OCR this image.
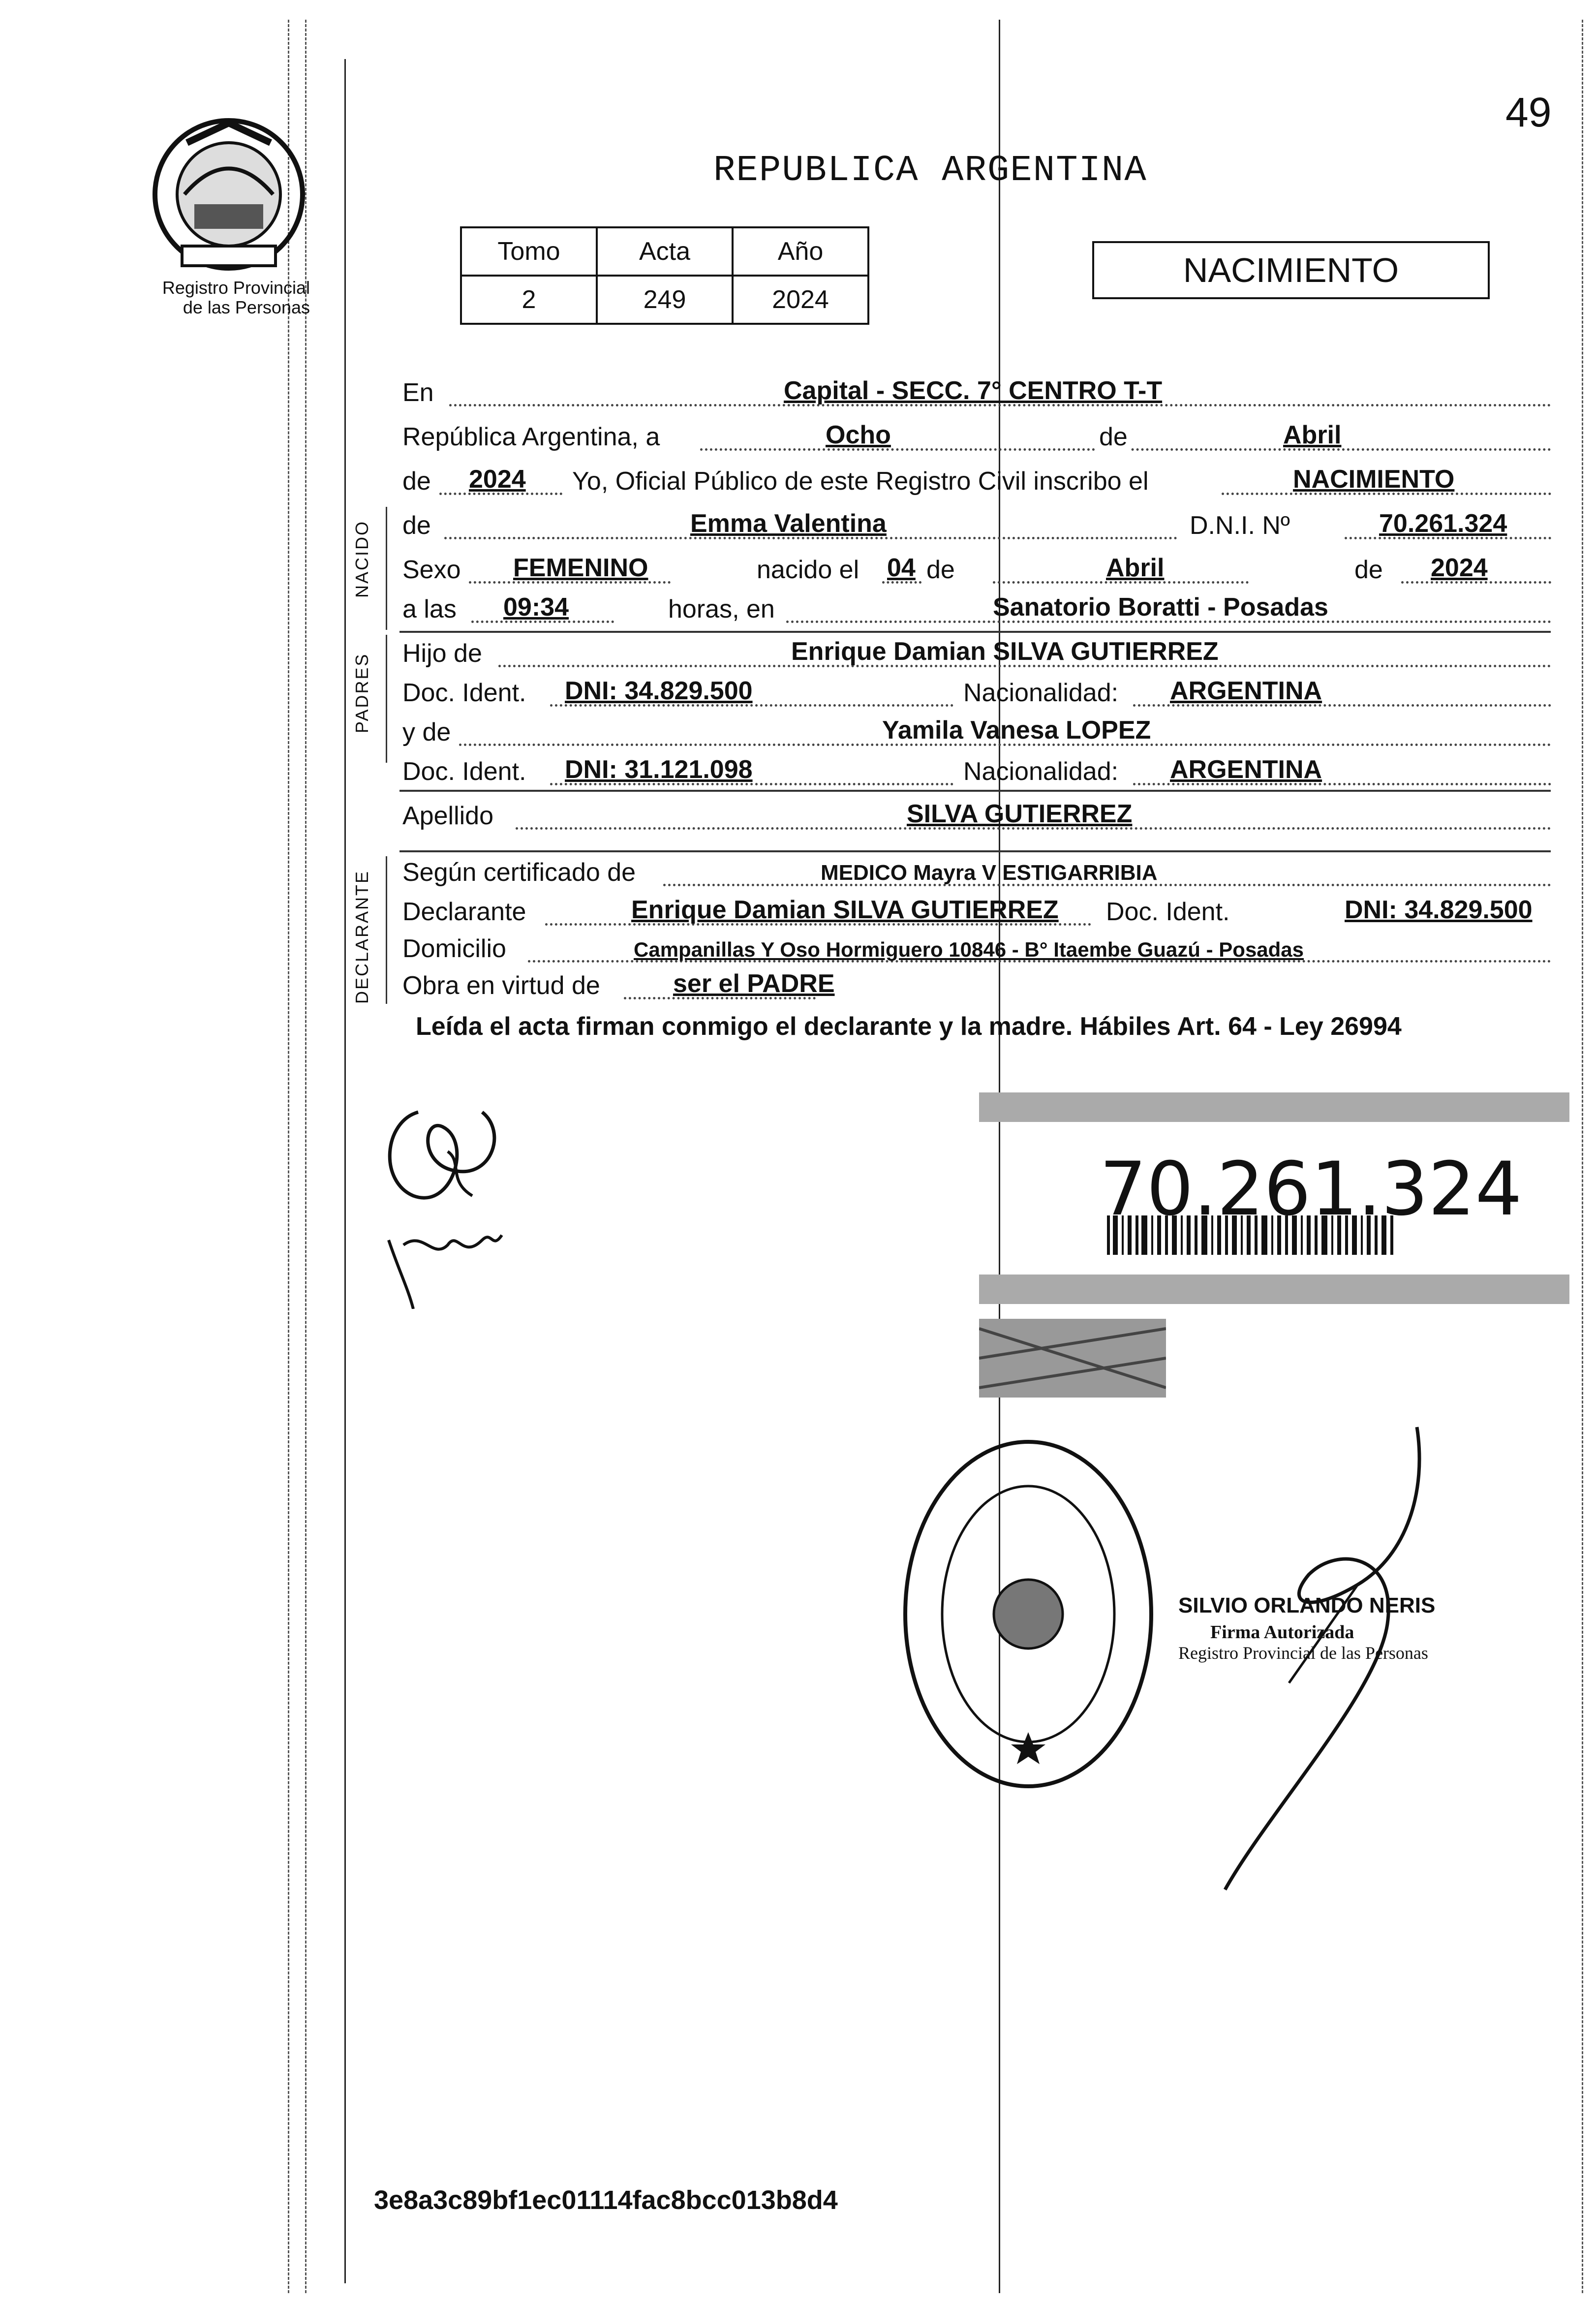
49
Registro Provincial
de las Personas
REPUBLICA ARGENTINA
Tomo	Acta	Año
2	249	2024
NACIMIENTO
En	Capital - SECC. 7° CENTRO T-T
República Argentina, a	Ocho	de	Abril
de 2024 Yo, Oficial Público de este Registro Civil inscribo el	NACIMIENTO
NACIDO de	Emma Valentina	D.N.I. Nº	70.261.324
Sexo FEMENINO	nacido el 04 de	Abril	de 2024
a las 09:34	horas, en	Sanatorio Boratti - Posadas
PADRES Hijo de	Enrique Damian SILVA GUTIERREZ
Doc. Ident. DNI: 34.829.500	Nacionalidad: ARGENTINA
y de	Yamila Vanesa LOPEZ
Doc. Ident. DNI: 31.121.098	Nacionalidad: ARGENTINA
Apellido	SILVA GUTIERREZ
DECLARANTE Según certificado de	MEDICO Mayra V ESTIGARRIBIA
Declarante	Enrique Damian SILVA GUTIERREZ Doc. Ident.	DNI: 34.829.500
Domicilio	Campanillas Y Oso Hormiguero 10846 - B° Itaembe Guazú - Posadas
Obra en virtud de	ser el PADRE
Leída el acta firman conmigo el declarante y la madre. Hábiles Art. 64 - Ley 26994
70.261.324
SILVIO ORLANDO NERIS
Firma Autorizada
Registro Provincial de las Personas
3e8a3c89bf1ec01114fac8bcc013b8d4
